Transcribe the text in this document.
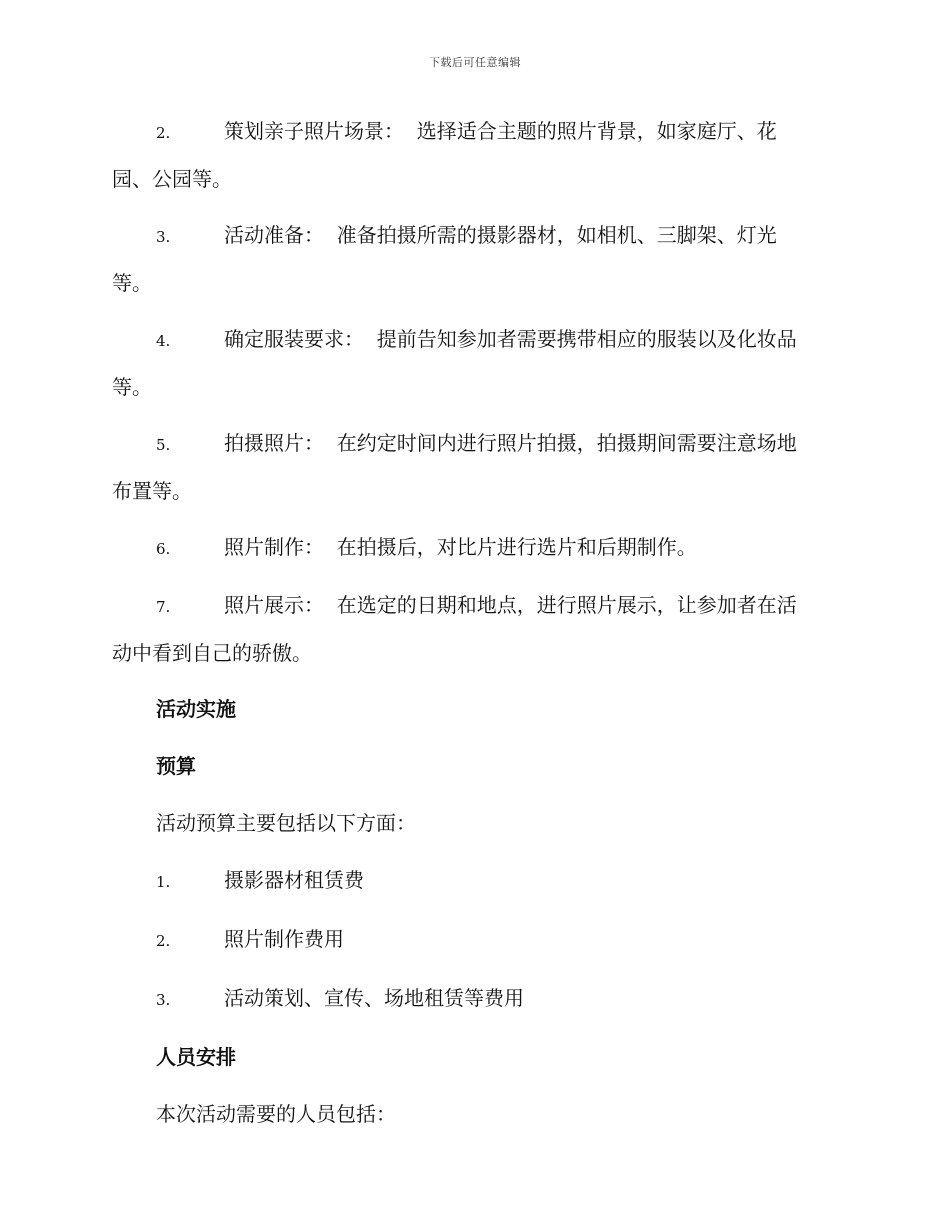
下载后可任意编辑
2.	策划亲子照片场景： 选择适合主题的照片背景，如家庭厅、花
园、公园等。
3.	活动准备： 准备拍摄所需的摄影器材，如相机、三脚架、灯光
等。
4.	确定服装要求： 提前告知参加者需要携带相应的服装以及化妆品
等。
5.	拍摄照片： 在约定时间内进行照片拍摄，拍摄期间需要注意场地
布置等。
6.	照片制作： 在拍摄后，对比片进行选片和后期制作。
7.	照片展示： 在选定的日期和地点，进行照片展示，让参加者在活
动中看到自己的骄傲。
活动实施
预算
活动预算主要包括以下方面：
1.	摄影器材租赁费
2.	照片制作费用
3.	活动策划、宣传、场地租赁等费用
人员安排
本次活动需要的人员包括：
